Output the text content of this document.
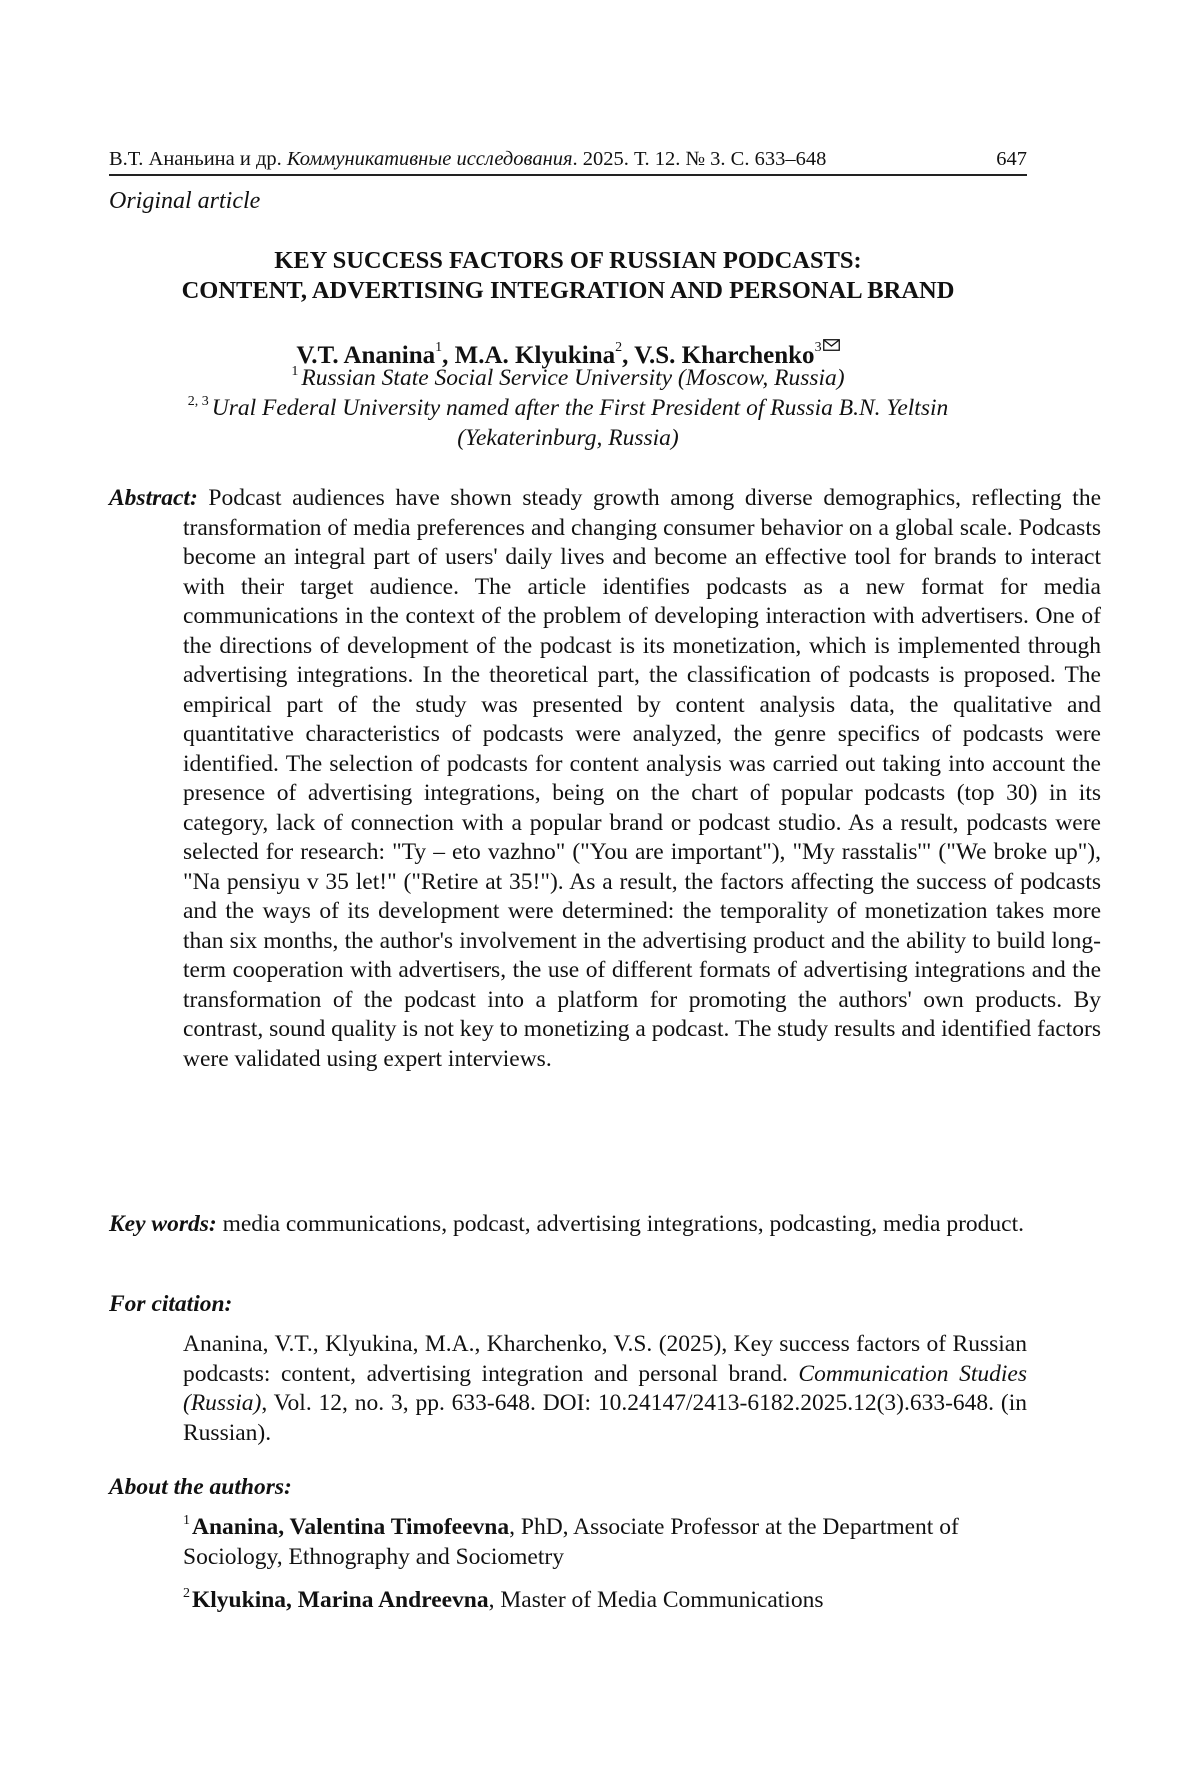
В.Т. Ананьина и др. Коммуникативные исследования. 2025. Т. 12. № 3. С. 633–648	647
Original article
KEY SUCCESS FACTORS OF RUSSIAN PODCASTS:
CONTENT, ADVERTISING INTEGRATION AND PERSONAL BRAND
V.T. Ananina$^1$, M.A. Klyukina$^2$, V.S. Kharchenko$^3$
$^1$ Russian State Social Service University (Moscow, Russia)
$^{2, 3}$ Ural Federal University named after the First President of Russia B.N. Yeltsin
(Yekaterinburg, Russia)
Abstract: Podcast audiences have shown steady growth among diverse demographics, reflecting the transformation of media preferences and changing consumer behavior on a global scale. Podcasts become an integral part of users' daily lives and become an effective tool for brands to interact with their target audience. The article identifies podcasts as a new format for media communications in the context of the problem of developing interaction with advertisers. One of the directions of development of the podcast is its monetization, which is implemented through advertising integrations. In the theoretical part, the classification of podcasts is proposed. The empirical part of the study was presented by content analysis data, the qualitative and quantitative characteristics of podcasts were analyzed, the genre specifics of podcasts were identified. The selection of podcasts for content analysis was carried out taking into account the presence of advertising integrations, being on the chart of popular podcasts (top 30) in its category, lack of connection with a popular brand or podcast studio. As a result, podcasts were selected for research: "Ty – eto vazhno" ("You are important"), "My rasstalis'" ("We broke up"), "Na pensiyu v 35 let!" ("Retire at 35!"). As a result, the factors affecting the success of podcasts and the ways of its development were determined: the temporality of monetization takes more than six months, the author's involvement in the advertising product and the ability to build long-term cooperation with advertisers, the use of different formats of advertising integrations and the transformation of the podcast into a platform for promoting the authors' own products. By contrast, sound quality is not key to monetizing a podcast. The study results and identified factors were validated using expert interviews.
Key words: media communications, podcast, advertising integrations, podcasting, media product.
For citation:
Ananina, V.T., Klyukina, M.A., Kharchenko, V.S. (2025), Key success factors of Russian podcasts: content, advertising integration and personal brand. Communication Studies (Russia), Vol. 12, no. 3, pp. 633-648. DOI: 10.24147/2413-6182.2025.12(3).633-648. (in Russian).
About the authors:
$^1$Ananina, Valentina Timofeevna, PhD, Associate Professor at the Department of Sociology, Ethnography and Sociometry
$^2$Klyukina, Marina Andreevna, Master of Media Communications
